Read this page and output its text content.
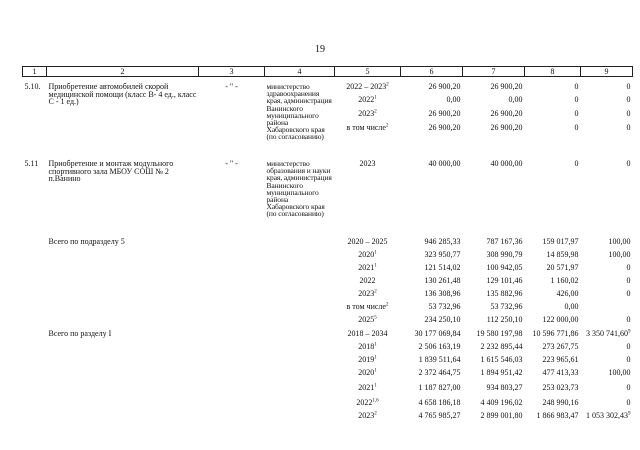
19
1	2	3	4	5	6	7	8	9

5.10.	Приобретение автомобилей скорой медицинской помощи (класс В- 4 ед., класс С - 1 ед.)	- " -	министерство здравоохранения края, администрация Ванинского муниципального района Хабаровского края (по согласованию)	2022 – 2023$^2$	26 900,20	26 900,20	0	0
				2022$^1$	0,00	0,00	0	0
				2023$^2$	26 900,20	26 900,20	0	0
				в том числе$^2$	26 900,20	26 900,20	0	0

5.11	Приобретение и монтаж модульного спортивного зала МБОУ СОШ № 2 п.Ванино	- " -	министерство образования и науки края, администрация Ванинского муниципального района Хабаровского края (по согласованию)	2023	40 000,00	40 000,00	0	0
	Всего по подразделу 5			2020 – 2025	946 285,33	787 167,36	159 017,97	100,00
				2020$^1$	323 950,77	308 990,79	14 859,98	100,00
				2021$^1$	121 514,02	100 942,05	20 571,97	0
				2022	130 261,48	129 101,46	1 160,02	0
				2023$^2$	136 308,96	135 882,96	426,00	0
				в том числе$^2$	53 732,96	53 732,96	0,00	
				2025$^5$	234 250,10	112 250,10	122 000,00	0
	Всего по разделу I			2018 – 2034	30 177 069,84	19 580 197,98	10 596 771,86	3 350 741,60$^9$
				2018$^1$	2 506 163,19	2 232 895,44	273 267,75	0
				2019$^1$	1 839 511,64	1 615 546,03	223 965,61	0
				2020$^1$	2 372 464,75	1 894 951,42	477 413,33	100,00
				2021$^1$	1 187 827,00	934 803,27	253 023,73	0
				2022$^{1,6}$	4 658 186,18	4 409 196,02	248 990,16	0
				2023$^2$	4 765 985,27	2 899 001,80	1 866 983,47	1 053 302,43$^9$
